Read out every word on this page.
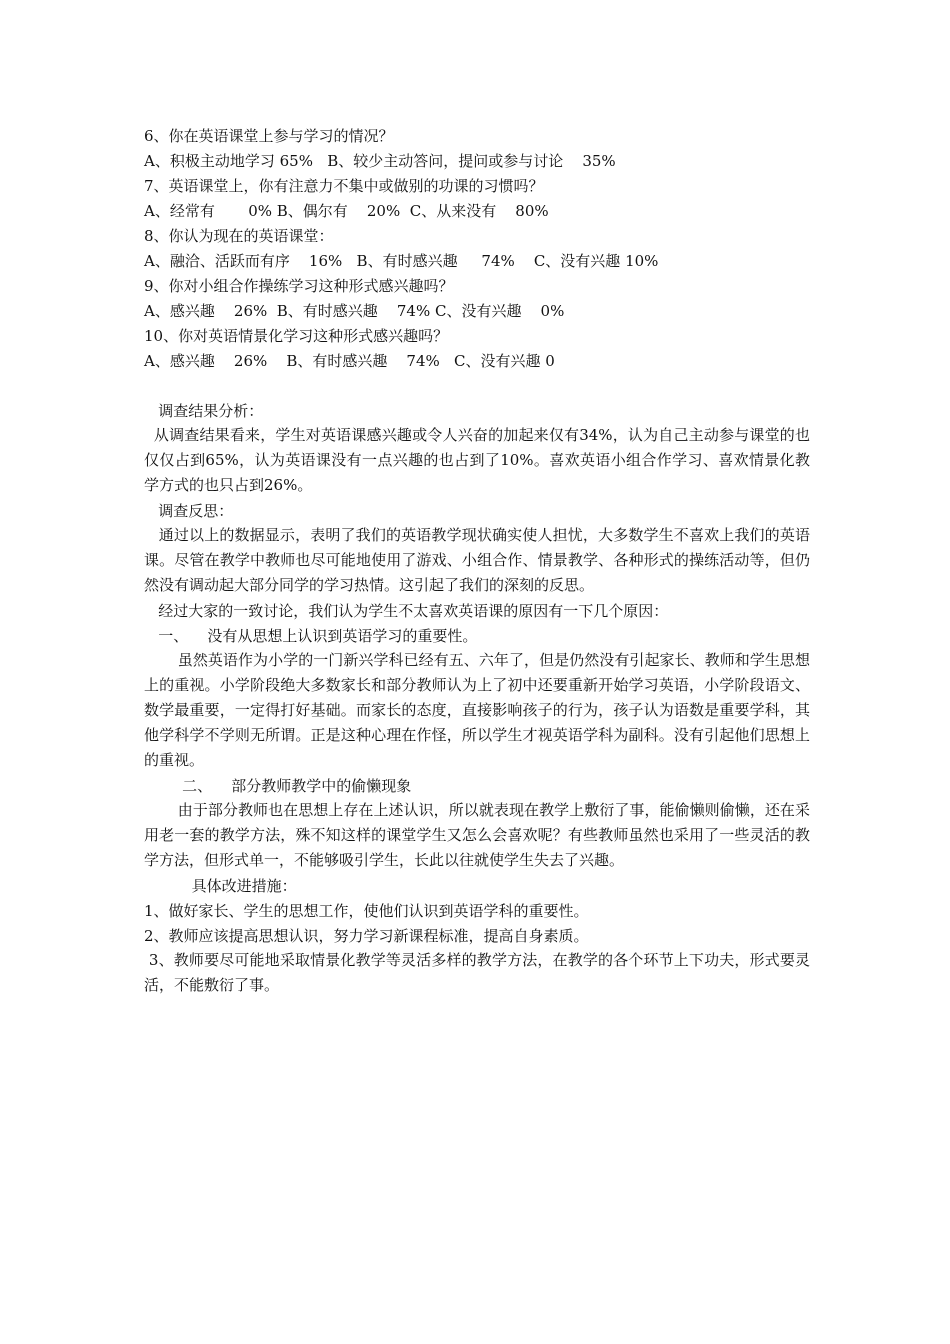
6、你在英语课堂上参与学习的情况？
A、积极主动地学习 65%   B、较少主动答问，提问或参与讨论    35%
7、英语课堂上，你有注意力不集中或做别的功课的习惯吗？
A、经常有       0% B、偶尔有    20%  C、从来没有    80%
8、你认为现在的英语课堂：
A、融洽、活跃而有序    16%   B、有时感兴趣     74%    C、没有兴趣 10%
9、你对小组合作操练学习这种形式感兴趣吗？
A、感兴趣    26%  B、有时感兴趣    74% C、没有兴趣    0%
10、你对英语情景化学习这种形式感兴趣吗？
A、感兴趣    26%    B、有时感兴趣    74%   C、没有兴趣 0
调查结果分析：
从调查结果看来，学生对英语课感兴趣或令人兴奋的加起来仅有34%，认为自己主动参与课堂的也仅仅占到65%，认为英语课没有一点兴趣的也占到了10%。喜欢英语小组合作学习、喜欢情景化教学方式的也只占到26%。
调查反思：
通过以上的数据显示，表明了我们的英语教学现状确实使人担忧，大多数学生不喜欢上我们的英语课。尽管在教学中教师也尽可能地使用了游戏、小组合作、情景教学、各种形式的操练活动等，但仍然没有调动起大部分同学的学习热情。这引起了我们的深刻的反思。
经过大家的一致讨论，我们认为学生不太喜欢英语课的原因有一下几个原因：
一、    没有从思想上认识到英语学习的重要性。
虽然英语作为小学的一门新兴学科已经有五、六年了，但是仍然没有引起家长、教师和学生思想上的重视。小学阶段绝大多数家长和部分教师认为上了初中还要重新开始学习英语，小学阶段语文、数学最重要，一定得打好基础。而家长的态度，直接影响孩子的行为，孩子认为语数是重要学科，其他学科学不学则无所谓。正是这种心理在作怪，所以学生才视英语学科为副科。没有引起他们思想上的重视。
二、    部分教师教学中的偷懒现象
由于部分教师也在思想上存在上述认识，所以就表现在教学上敷衍了事，能偷懒则偷懒，还在采用老一套的教学方法，殊不知这样的课堂学生又怎么会喜欢呢？有些教师虽然也采用了一些灵活的教学方法，但形式单一，不能够吸引学生，长此以往就使学生失去了兴趣。
具体改进措施：
1、做好家长、学生的思想工作，使他们认识到英语学科的重要性。
2、教师应该提高思想认识，努力学习新课程标准，提高自身素质。
3、教师要尽可能地采取情景化教学等灵活多样的教学方法，在教学的各个环节上下功夫，形式要灵活，不能敷衍了事。
